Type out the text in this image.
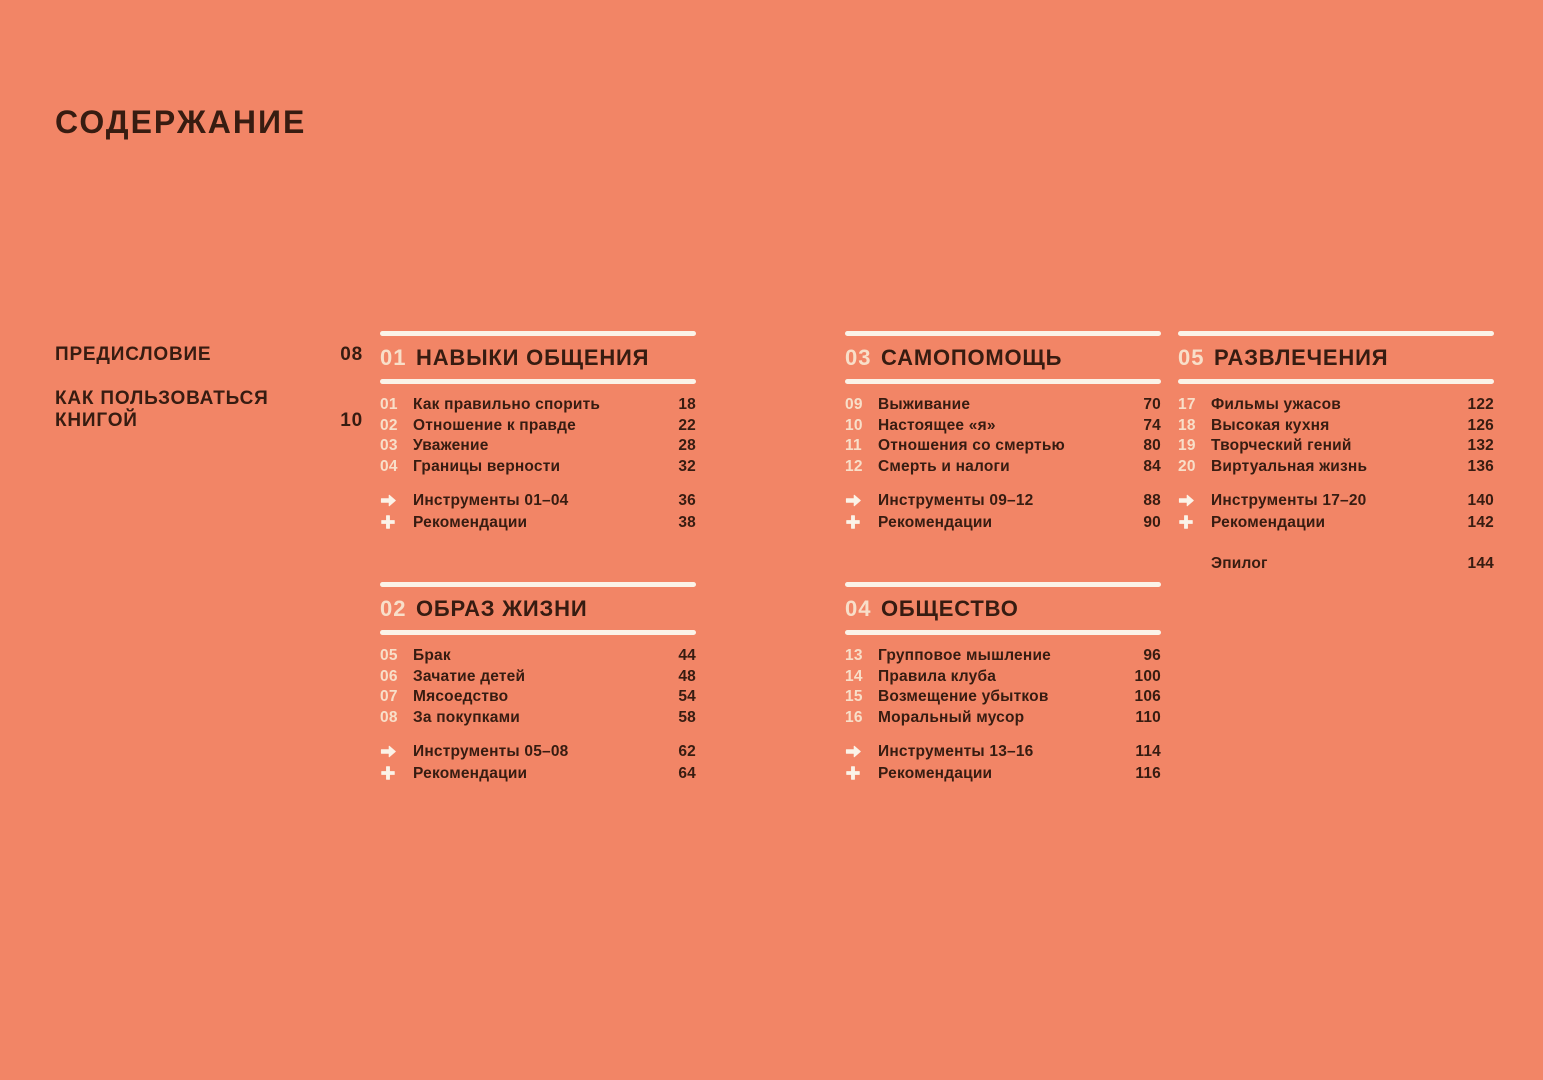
СОДЕРЖАНИЕ
ПРЕДИСЛОВИЕ	08
КАК ПОЛЬЗОВАТЬСЯ КНИГОЙ	10
01 НАВЫКИ ОБЩЕНИЯ
01 Как правильно спорить	18
02 Отношение к правде	22
03 Уважение	28
04 Границы верности	32
Инструменты 01–04	36
Рекомендации	38
02 ОБРАЗ ЖИЗНИ
05 Брак	44
06 Зачатие детей	48
07 Мясоедство	54
08 За покупками	58
Инструменты 05–08	62
Рекомендации	64
03 САМОПОМОЩЬ
09 Выживание	70
10 Настоящее «я»	74
11	Отношения со смертью	80
12 Смерть и налоги	84
Инструменты 09–12	88
Рекомендации	90
04 ОБЩЕСТВО
13 Групповое мышление	96
14 Правила клуба	100
15 Возмещение убытков	106
16 Моральный мусор	110
Инструменты 13–16	114
Рекомендации	116
05 РАЗВЛЕЧЕНИЯ
17 Фильмы ужасов	122
18 Высокая кухня	126
19 Творческий гений	132
20 Виртуальная жизнь	136
Инструменты 17–20	140
Рекомендации	142
Эпилог	144
